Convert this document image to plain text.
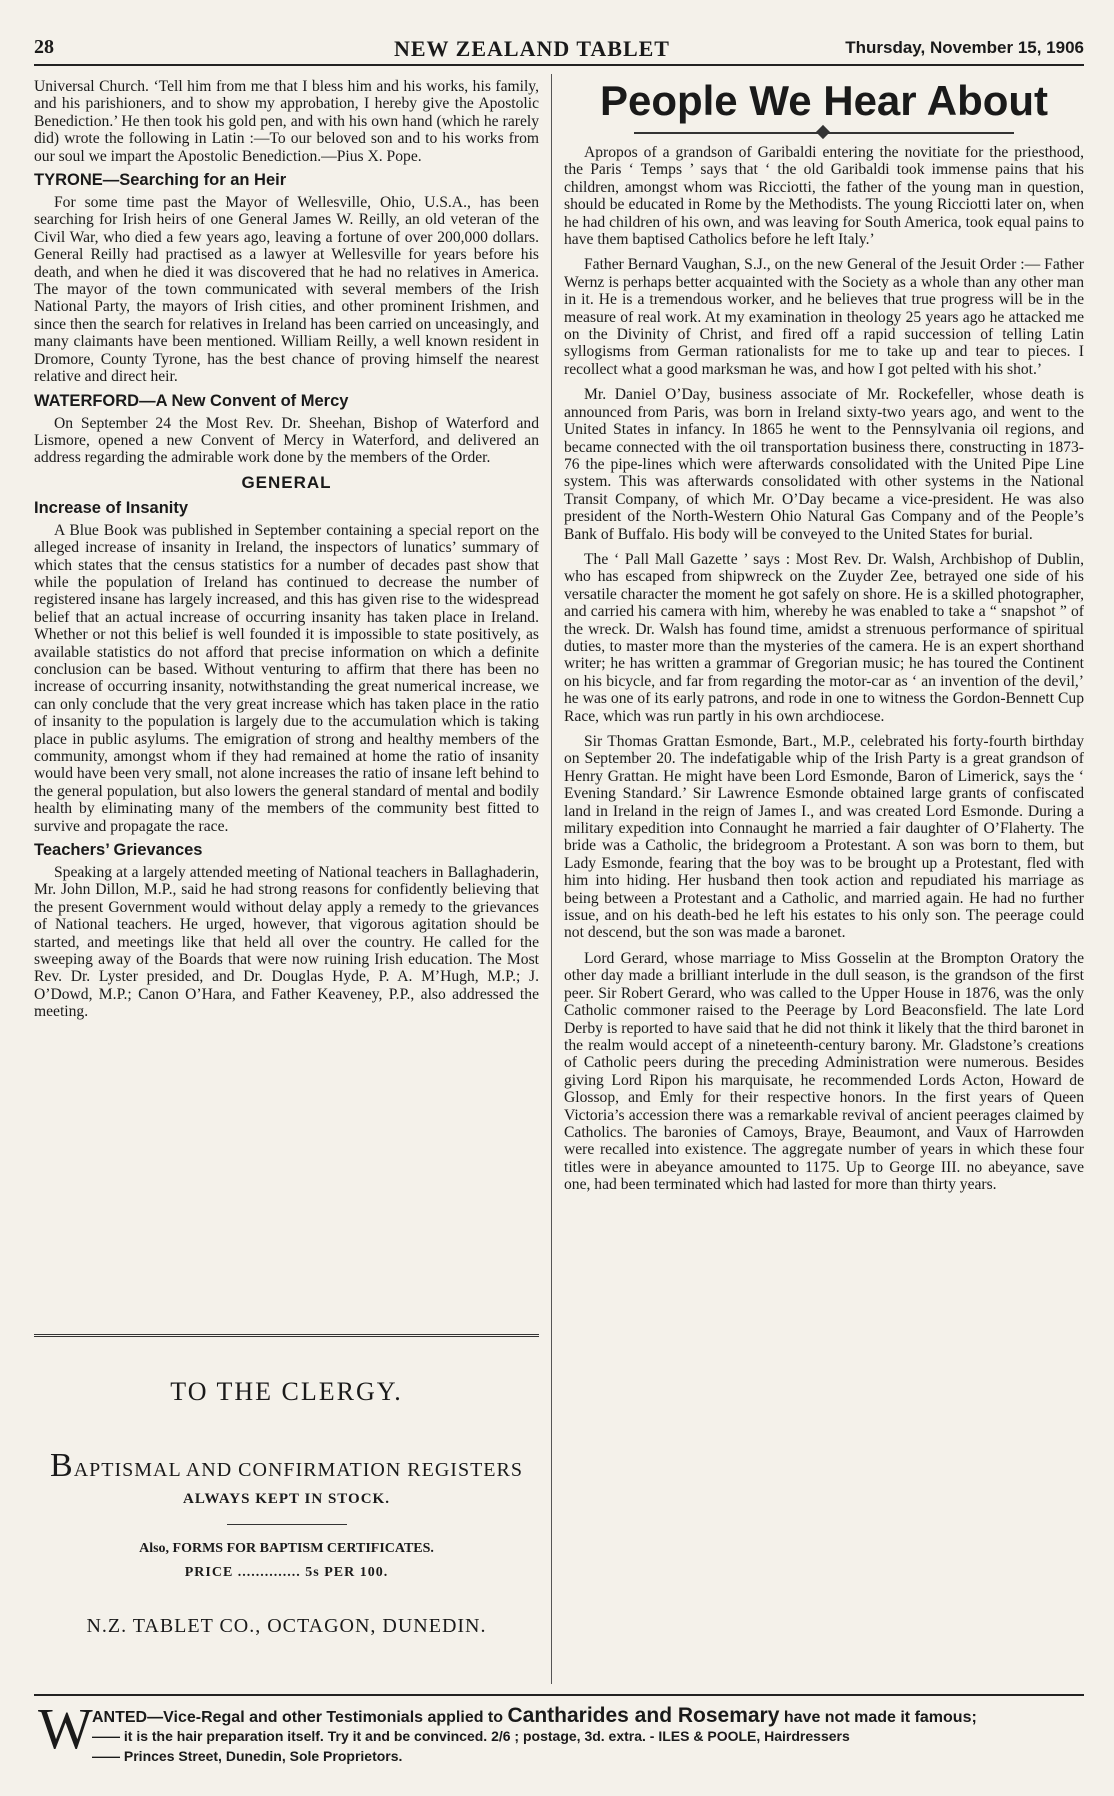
28	NEW ZEALAND TABLET	Thursday, November 15, 1906

Universal Church. ‘Tell him from me that I bless him and his works, his family, and his parishioners, and to show my approbation, I hereby give the Apostolic Benediction.’ He then took his gold pen, and with his own hand (which he rarely did) wrote the following in Latin :—To our beloved son and to his works from our soul we impart the Apostolic Benediction.—Pius X. Pope.

TYRONE—Searching for an Heir

For some time past the Mayor of Wellesville, Ohio, U.S.A., has been searching for Irish heirs of one General James W. Reilly, an old veteran of the Civil War, who died a few years ago, leaving a fortune of over 200,000 dollars. General Reilly had practised as a lawyer at Wellesville for years before his death, and when he died it was discovered that he had no relatives in America. The mayor of the town communicated with several members of the Irish National Party, the mayors of Irish cities, and other prominent Irishmen, and since then the search for relatives in Ireland has been carried on unceasingly, and many claimants have been mentioned. William Reilly, a well known resident in Dromore, County Tyrone, has the best chance of proving himself the nearest relative and direct heir.

WATERFORD—A New Convent of Mercy

On September 24 the Most Rev. Dr. Sheehan, Bishop of Waterford and Lismore, opened a new Convent of Mercy in Waterford, and delivered an address regarding the admirable work done by the members of the Order.

GENERAL
Increase of Insanity

A Blue Book was published in September containing a special report on the alleged increase of insanity in Ireland, the inspectors of lunatics’ summary of which states that the census statistics for a number of decades past show that while the population of Ireland has continued to decrease the number of registered insane has largely increased, and this has given rise to the widespread belief that an actual increase of occurring insanity has taken place in Ireland. Whether or not this belief is well founded it is impossible to state positively, as available statistics do not afford that precise information on which a definite conclusion can be based. Without venturing to affirm that there has been no increase of occurring insanity, notwithstanding the great numerical increase, we can only conclude that the very great increase which has taken place in the ratio of insanity to the population is largely due to the accumulation which is taking place in public asylums. The emigration of strong and healthy members of the community, amongst whom if they had remained at home the ratio of insanity would have been very small, not alone increases the ratio of insane left behind to the general population, but also lowers the general standard of mental and bodily health by eliminating many of the members of the community best fitted to survive and propagate the race.

Teachers’ Grievances

Speaking at a largely attended meeting of National teachers in Ballaghaderin, Mr. John Dillon, M.P., said he had strong reasons for confidently believing that the present Government would without delay apply a remedy to the grievances of National teachers. He urged, however, that vigorous agitation should be started, and meetings like that held all over the country. He called for the sweeping away of the Boards that were now ruining Irish education. The Most Rev. Dr. Lyster presided, and Dr. Douglas Hyde, P. A. M’Hugh, M.P.; J. O’Dowd, M.P.; Canon O’Hara, and Father Keaveney, P.P., also addressed the meeting.

TO THE CLERGY.
BAPTISMAL AND CONFIRMATION REGISTERS
ALWAYS KEPT IN STOCK.
Also, FORMS FOR BAPTISM CERTIFICATES.
PRICE .............. 5s PER 100.
N.Z. TABLET CO., OCTAGON, DUNEDIN.
People We Hear About

Apropos of a grandson of Garibaldi entering the novitiate for the priesthood, the Paris ‘ Temps ’ says that ‘ the old Garibaldi took immense pains that his children, amongst whom was Ricciotti, the father of the young man in question, should be educated in Rome by the Methodists. The young Ricciotti later on, when he had children of his own, and was leaving for South America, took equal pains to have them baptised Catholics before he left Italy.’

Father Bernard Vaughan, S.J., on the new General of the Jesuit Order :— Father Wernz is perhaps better acquainted with the Society as a whole than any other man in it. He is a tremendous worker, and he believes that true progress will be in the measure of real work. At my examination in theology 25 years ago he attacked me on the Divinity of Christ, and fired off a rapid succession of telling Latin syllogisms from German rationalists for me to take up and tear to pieces. I recollect what a good marksman he was, and how I got pelted with his shot.’

Mr. Daniel O’Day, business associate of Mr. Rockefeller, whose death is announced from Paris, was born in Ireland sixty-two years ago, and went to the United States in infancy. In 1865 he went to the Pennsylvania oil regions, and became connected with the oil transportation business there, constructing in 1873-76 the pipe-lines which were afterwards consolidated with the United Pipe Line system. This was afterwards consolidated with other systems in the National Transit Company, of which Mr. O’Day became a vice-president. He was also president of the North-Western Ohio Natural Gas Company and of the People’s Bank of Buffalo. His body will be conveyed to the United States for burial.

The ‘ Pall Mall Gazette ’ says : Most Rev. Dr. Walsh, Archbishop of Dublin, who has escaped from shipwreck on the Zuyder Zee, betrayed one side of his versatile character the moment he got safely on shore. He is a skilled photographer, and carried his camera with him, whereby he was enabled to take a “ snapshot ” of the wreck. Dr. Walsh has found time, amidst a strenuous performance of spiritual duties, to master more than the mysteries of the camera. He is an expert shorthand writer; he has written a grammar of Gregorian music; he has toured the Continent on his bicycle, and far from regarding the motor-car as ‘ an invention of the devil,’ he was one of its early patrons, and rode in one to witness the Gordon-Bennett Cup Race, which was run partly in his own archdiocese.

Sir Thomas Grattan Esmonde, Bart., M.P., celebrated his forty-fourth birthday on September 20. The indefatigable whip of the Irish Party is a great grandson of Henry Grattan. He might have been Lord Esmonde, Baron of Limerick, says the ‘ Evening Standard.’ Sir Lawrence Esmonde obtained large grants of confiscated land in Ireland in the reign of James I., and was created Lord Esmonde. During a military expedition into Connaught he married a fair daughter of O’Flaherty. The bride was a Catholic, the bridegroom a Protestant. A son was born to them, but Lady Esmonde, fearing that the boy was to be brought up a Protestant, fled with him into hiding. Her husband then took action and repudiated his marriage as being between a Protestant and a Catholic, and married again. He had no further issue, and on his death-bed he left his estates to his only son. The peerage could not descend, but the son was made a baronet.

Lord Gerard, whose marriage to Miss Gosselin at the Brompton Oratory the other day made a brilliant interlude in the dull season, is the grandson of the first peer. Sir Robert Gerard, who was called to the Upper House in 1876, was the only Catholic commoner raised to the Peerage by Lord Beaconsfield. The late Lord Derby is reported to have said that he did not think it likely that the third baronet in the realm would accept of a nineteenth-century barony. Mr. Gladstone’s creations of Catholic peers during the preceding Administration were numerous. Besides giving Lord Ripon his marquisate, he recommended Lords Acton, Howard de Glossop, and Emly for their respective honors. In the first years of Queen Victoria’s accession there was a remarkable revival of ancient peerages claimed by Catholics. The baronies of Camoys, Braye, Beaumont, and Vaux of Harrowden were recalled into existence. The aggregate number of years in which these four titles were in abeyance amounted to 1175. Up to George III. no abeyance, save one, had been terminated which had lasted for more than thirty years.

W ANTED—Vice-Regal and other Testimonials applied to Cantharides and Rosemary have not made it famous;
—— it is the hair preparation itself. Try it and be convinced. 2/6 ; postage, 3d. extra. - ILES & POOLE, Hairdressers
—— Princes Street, Dunedin, Sole Proprietors.
